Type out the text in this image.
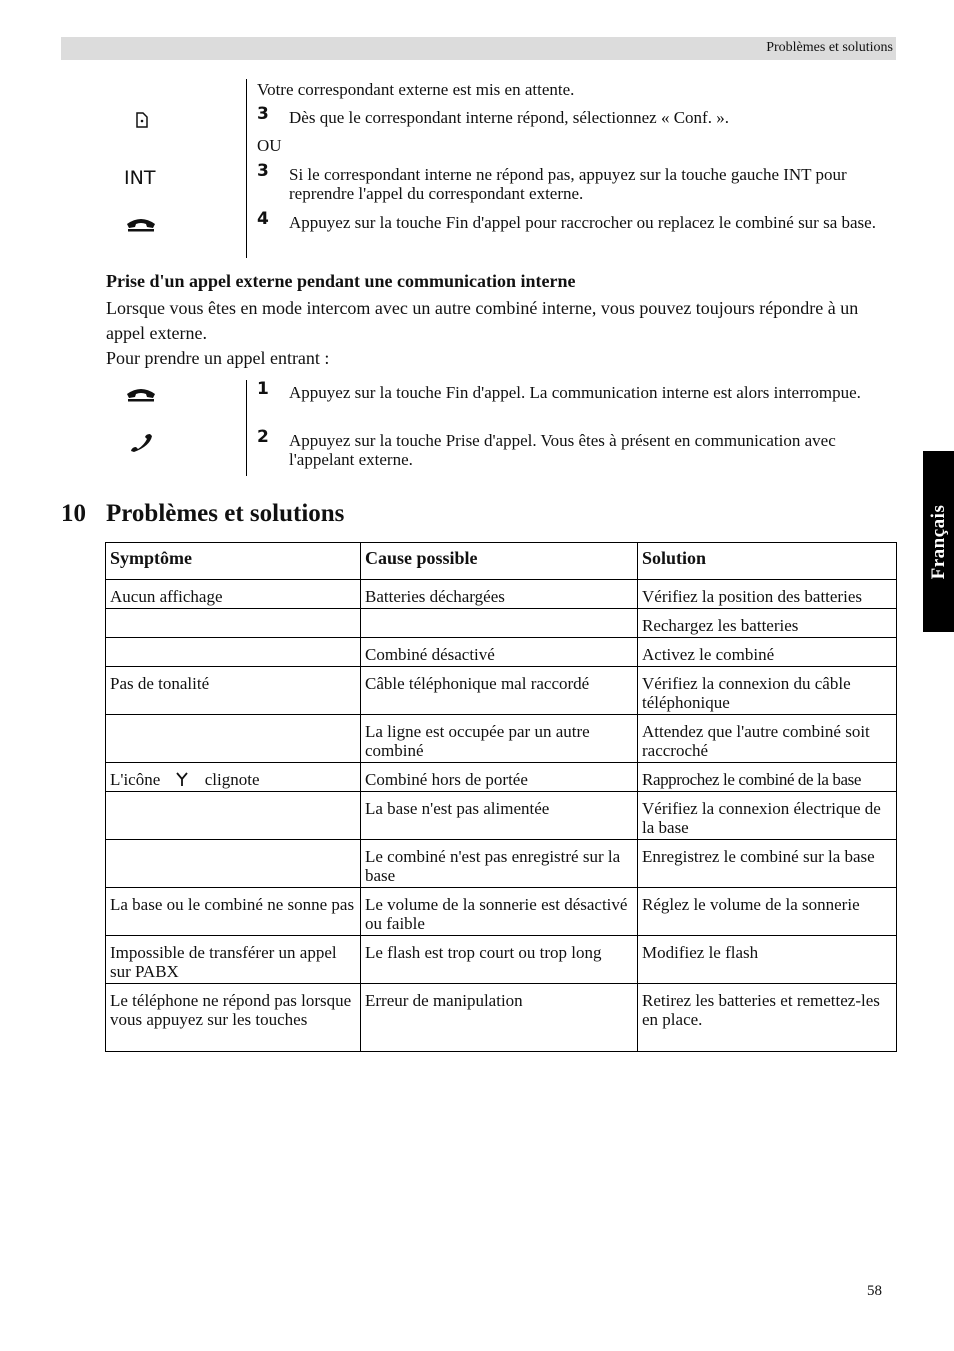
Problèmes et solutions
Français
INT
Votre correspondant externe est mis en attente.
3 Dès que le correspondant interne répond, sélectionnez « Conf. ».
OU
3 Si le correspondant interne ne répond pas, appuyez sur la touche gauche INT pour reprendre l'appel du correspondant externe.
4 Appuyez sur la touche Fin d'appel pour raccrocher ou replacez le combiné sur sa base.
Prise d'un appel externe pendant une communication interne
Lorsque vous êtes en mode intercom avec un autre combiné interne, vous pouvez toujours répondre à un appel externe.
Pour prendre un appel entrant :
1 Appuyez sur la touche Fin d'appel. La communication interne est alors interrompue.
2 Appuyez sur la touche Prise d'appel. Vous êtes à présent en communication avec l'appelant externe.
10 Problèmes et solutions
Symptôme	Cause possible	Solution
Aucun affichage	Batteries déchargées	Vérifiez la position des batteries
		Rechargez les batteries
	Combiné désactivé	Activez le combiné
Pas de tonalité	Câble téléphonique mal raccordé	Vérifiez la connexion du câble téléphonique
	La ligne est occupée par un autre combiné	Attendez que l'autre combiné soit raccroché
L'icône clignote	Combiné hors de portée	Rapprochez le combiné de la base
	La base n'est pas alimentée	Vérifiez la connexion électrique de la base
	Le combiné n'est pas enregistré sur la base	Enregistrez le combiné sur la base
La base ou le combiné ne sonne pas	Le volume de la sonnerie est désactivé ou faible	Réglez le volume de la sonnerie
Impossible de transférer un appel sur PABX	Le flash est trop court ou trop long	Modifiez le flash
Le téléphone ne répond pas lorsque vous appuyez sur les touches	Erreur de manipulation	Retirez les batteries et remettez-les en place.
58
